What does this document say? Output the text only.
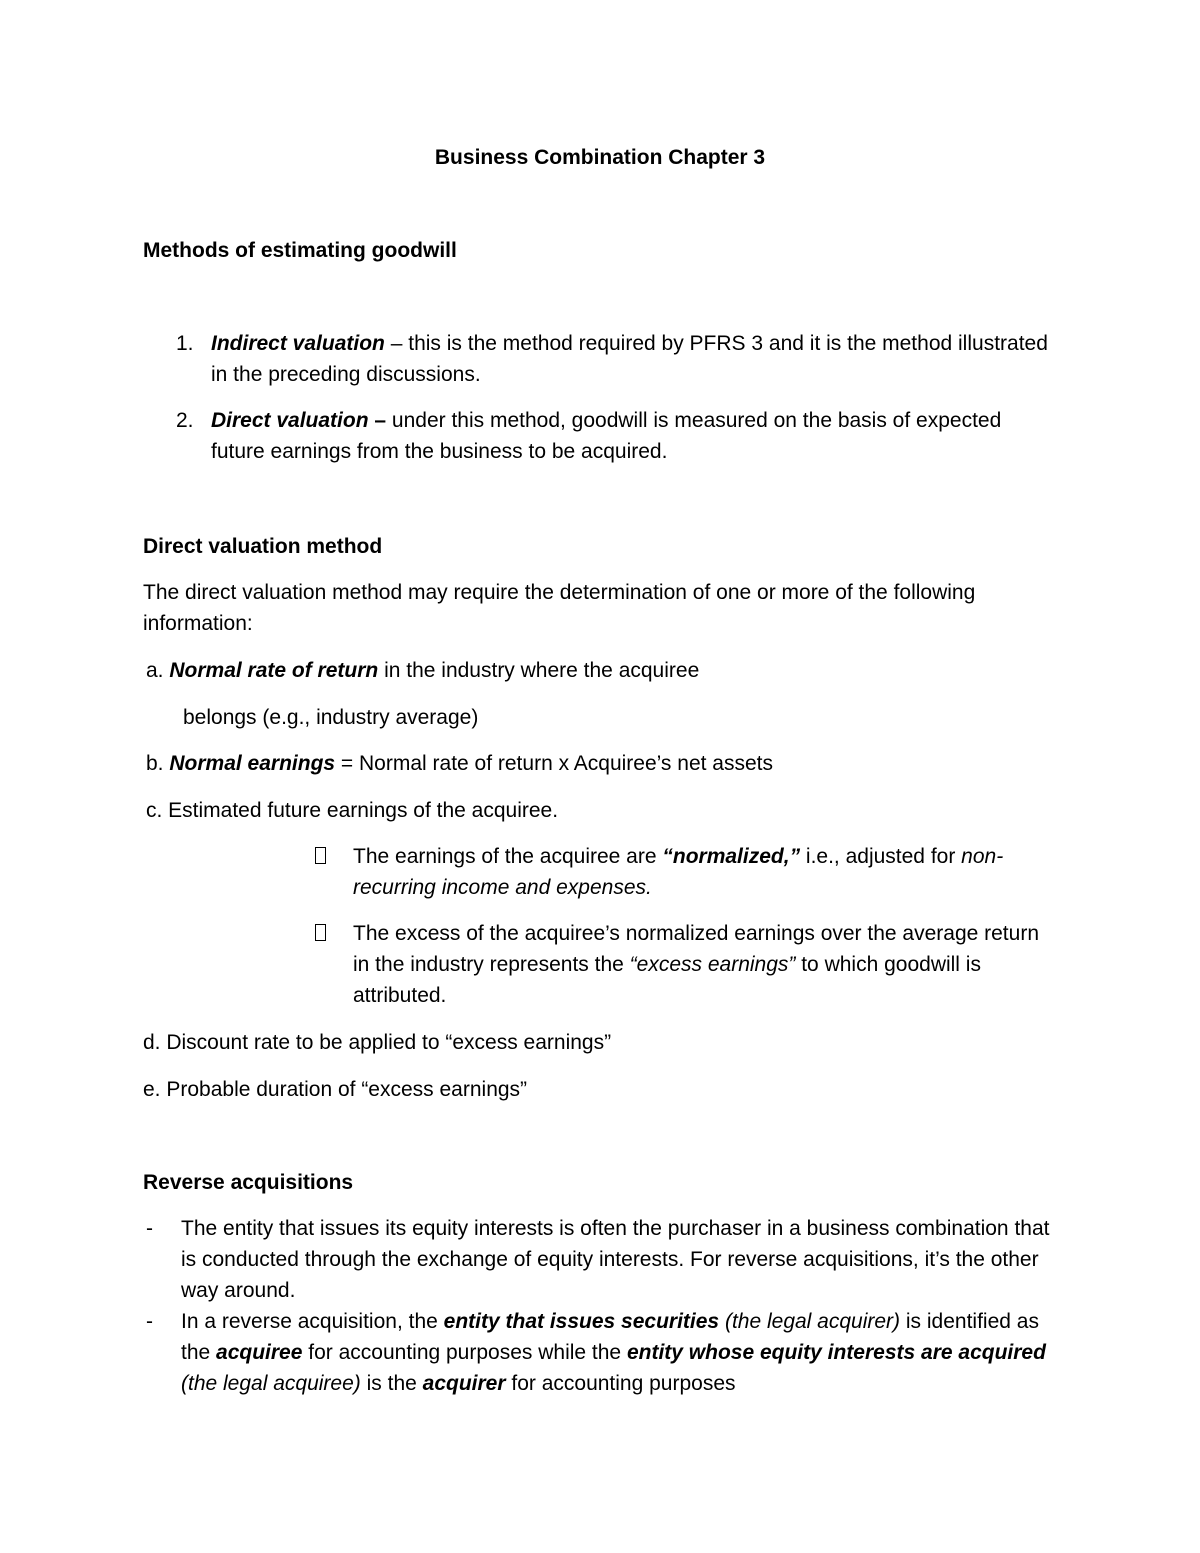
Business Combination Chapter 3
Methods of estimating goodwill
1. Indirect valuation – this is the method required by PFRS 3 and it is the method illustrated in the preceding discussions.
2. Direct valuation – under this method, goodwill is measured on the basis of expected future earnings from the business to be acquired.
Direct valuation method
The direct valuation method may require the determination of one or more of the following information:
a. Normal rate of return in the industry where the acquiree
belongs (e.g., industry average)
b. Normal earnings = Normal rate of return x Acquiree’s net assets
c. Estimated future earnings of the acquiree.
The earnings of the acquiree are “normalized,” i.e., adjusted for non-recurring income and expenses.
The excess of the acquiree’s normalized earnings over the average return in the industry represents the “excess earnings” to which goodwill is attributed.
d. Discount rate to be applied to “excess earnings”
e. Probable duration of “excess earnings”
Reverse acquisitions
- The entity that issues its equity interests is often the purchaser in a business combination that is conducted through the exchange of equity interests. For reverse acquisitions, it’s the other way around.
- In a reverse acquisition, the entity that issues securities (the legal acquirer) is identified as the acquiree for accounting purposes while the entity whose equity interests are acquired (the legal acquiree) is the acquirer for accounting purposes
